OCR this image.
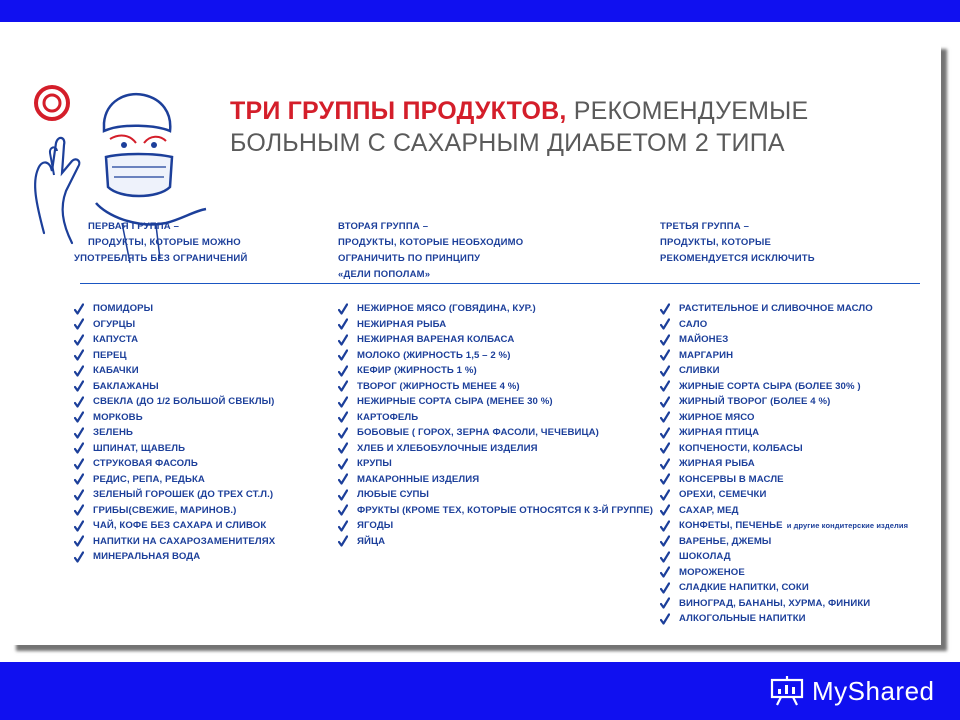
ТРИ ГРУППЫ ПРОДУКТОВ, РЕКОМЕНДУЕМЫЕ
БОЛЬНЫМ С САХАРНЫМ ДИАБЕТОМ 2 ТИПА
ПЕРВАЯ ГРУППА –
ПРОДУКТЫ, КОТОРЫЕ МОЖНО
УПОТРЕБЛЯТЬ БЕЗ ОГРАНИЧЕНИЙ
ПОМИДОРЫ
ОГУРЦЫ
КАПУСТА
ПЕРЕЦ
КАБАЧКИ
БАКЛАЖАНЫ
СВЕКЛА (ДО 1/2 БОЛЬШОЙ СВЕКЛЫ)
МОРКОВЬ
ЗЕЛЕНЬ
ШПИНАТ, ЩАВЕЛЬ
СТРУКОВАЯ ФАСОЛЬ
РЕДИС, РЕПА, РЕДЬКА
ЗЕЛЕНЫЙ ГОРОШЕК (ДО ТРЕХ СТ.Л.)
ГРИБЫ(СВЕЖИЕ, МАРИНОВ.)
ЧАЙ, КОФЕ БЕЗ САХАРА И СЛИВОК
НАПИТКИ НА САХАРОЗАМЕНИТЕЛЯХ
МИНЕРАЛЬНАЯ ВОДА
ВТОРАЯ ГРУППА –
ПРОДУКТЫ, КОТОРЫЕ НЕОБХОДИМО
ОГРАНИЧИТЬ ПО ПРИНЦИПУ
«ДЕЛИ ПОПОЛАМ»
НЕЖИРНОЕ МЯСО (ГОВЯДИНА, КУР.)
НЕЖИРНАЯ РЫБА
НЕЖИРНАЯ ВАРЕНАЯ КОЛБАСА
МОЛОКО (ЖИРНОСТЬ 1,5 – 2 %)
КЕФИР (ЖИРНОСТЬ 1 %)
ТВОРОГ (ЖИРНОСТЬ МЕНЕЕ 4 %)
НЕЖИРНЫЕ СОРТА СЫРА (МЕНЕЕ 30 %)
КАРТОФЕЛЬ
БОБОВЫЕ ( ГОРОХ, ЗЕРНА ФАСОЛИ, ЧЕЧЕВИЦА)
ХЛЕБ И ХЛЕБОБУЛОЧНЫЕ ИЗДЕЛИЯ
КРУПЫ
МАКАРОННЫЕ ИЗДЕЛИЯ
ЛЮБЫЕ СУПЫ
ФРУКТЫ (КРОМЕ ТЕХ, КОТОРЫЕ ОТНОСЯТСЯ К 3-Й ГРУППЕ)
ЯГОДЫ
ЯЙЦА
ТРЕТЬЯ ГРУППА –
ПРОДУКТЫ, КОТОРЫЕ
РЕКОМЕНДУЕТСЯ ИСКЛЮЧИТЬ
РАСТИТЕЛЬНОЕ И СЛИВОЧНОЕ МАСЛО
САЛО
МАЙОНЕЗ
МАРГАРИН
СЛИВКИ
ЖИРНЫЕ СОРТА СЫРА (БОЛЕЕ 30% )
ЖИРНЫЙ ТВОРОГ (БОЛЕЕ 4 %)
ЖИРНОЕ МЯСО
ЖИРНАЯ ПТИЦА
КОПЧЕНОСТИ, КОЛБАСЫ
ЖИРНАЯ РЫБА
КОНСЕРВЫ В МАСЛЕ
ОРЕХИ, СЕМЕЧКИ
САХАР, МЕД
КОНФЕТЫ, ПЕЧЕНЬЕ и другие кондитерские изделия
ВАРЕНЬЕ, ДЖЕМЫ
ШОКОЛАД
МОРОЖЕНОЕ
СЛАДКИЕ НАПИТКИ, СОКИ
ВИНОГРАД, БАНАНЫ, ХУРМА, ФИНИКИ
АЛКОГОЛЬНЫЕ НАПИТКИ
MyShared
